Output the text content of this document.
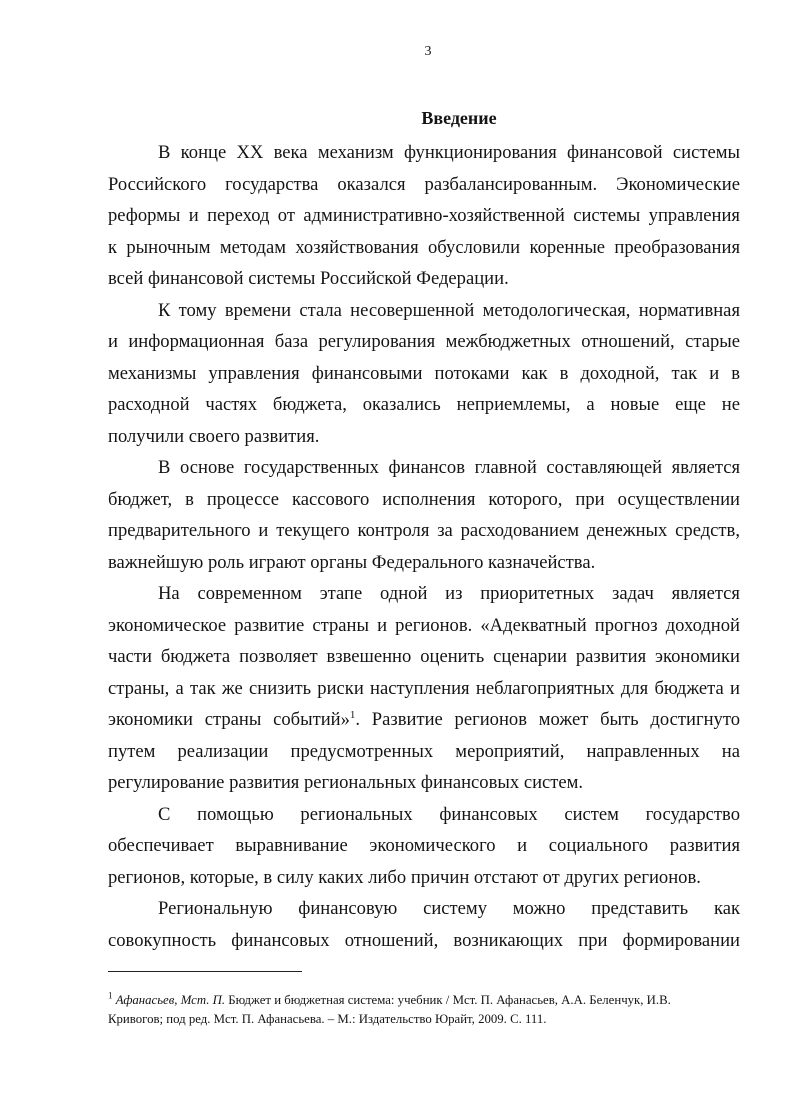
3
Введение
В конце XX века механизм функционирования финансовой системы
Российского государства оказался разбалансированным. Экономические
реформы и переход от административно-хозяйственной системы управления
к рыночным методам хозяйствования обусловили коренные преобразования
всей финансовой системы Российской Федерации.
К тому времени стала несовершенной методологическая, нормативная
и информационная база регулирования межбюджетных отношений, старые
механизмы управления финансовыми потоками как в доходной, так и в
расходной частях бюджета, оказались неприемлемы, а новые еще не
получили своего развития.
В основе государственных финансов главной составляющей является
бюджет, в процессе кассового исполнения которого, при осуществлении
предварительного и текущего контроля за расходованием денежных средств,
важнейшую роль играют органы Федерального казначейства.
На современном этапе одной из приоритетных задач является
экономическое развитие страны и регионов. «Адекватный прогноз доходной
части бюджета позволяет взвешенно оценить сценарии развития экономики
страны, а так же снизить риски наступления неблагоприятных для бюджета и
экономики страны событий»$^1$. Развитие регионов может быть достигнуто
путем реализации предусмотренных мероприятий, направленных на
регулирование развития региональных финансовых систем.
С помощью региональных финансовых систем государство
обеспечивает выравнивание экономического и социального развития
регионов, которые, в силу каких либо причин отстают от других регионов.
Региональную финансовую систему можно представить как
совокупность финансовых отношений, возникающих при формировании
$^1$ Афанасьев, Мст. П. Бюджет и бюджетная система: учебник / Мст. П. Афанасьев, А.А. Беленчук, И.В.
Кривогов; под ред. Мст. П. Афанасьева. – М.: Издательство Юрайт, 2009. С. 111.
